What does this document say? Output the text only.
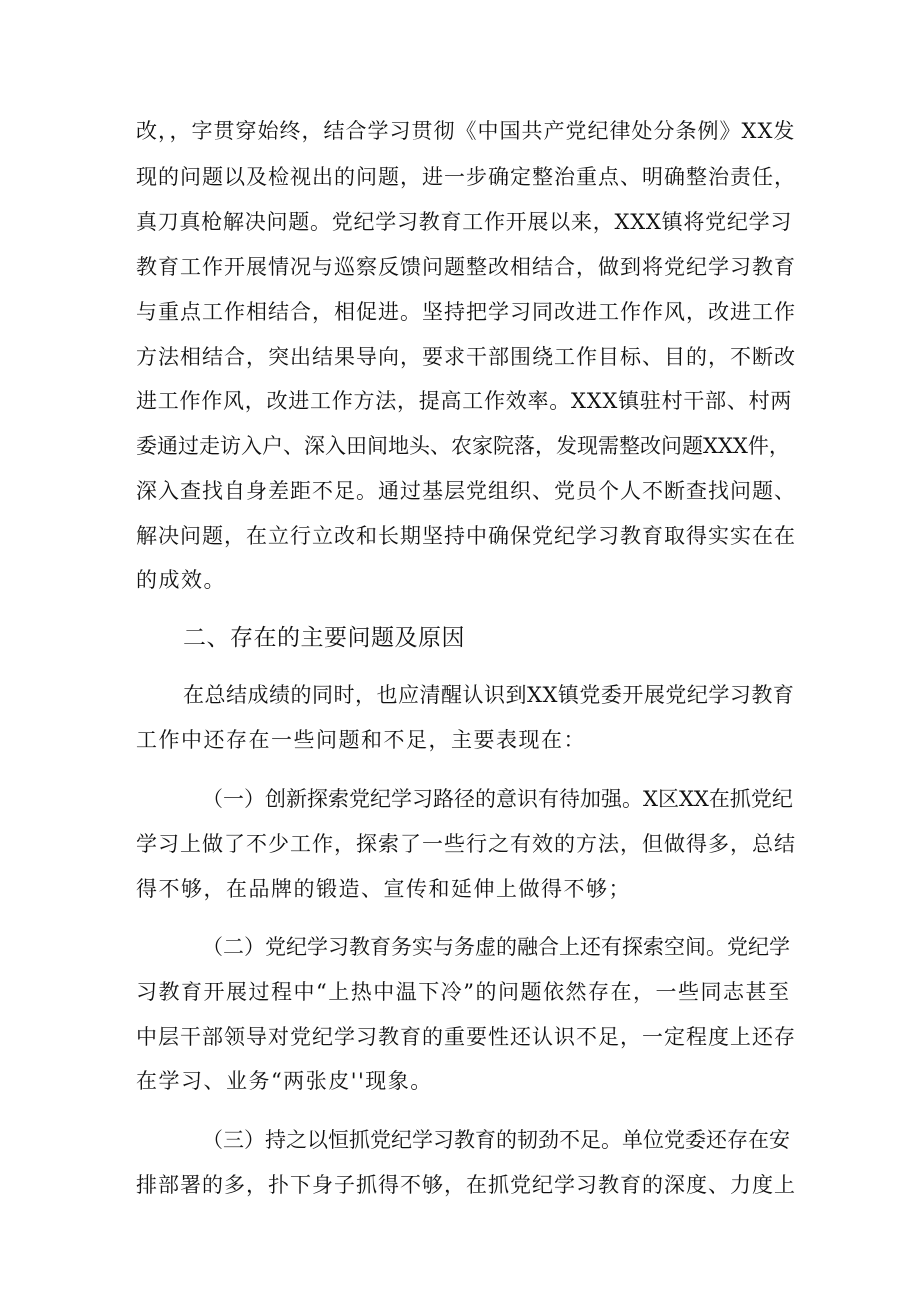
改，，字贯穿始终，结合学习贯彻《中国共产党纪律处分条例》XX发
现的问题以及检视出的问题，进一步确定整治重点、明确整治责任，
真刀真枪解决问题。党纪学习教育工作开展以来，XXX镇将党纪学习
教育工作开展情况与巡察反馈问题整改相结合，做到将党纪学习教育
与重点工作相结合，相促进。坚持把学习同改进工作作风，改进工作
方法相结合，突出结果导向，要求干部围绕工作目标、目的，不断改
进工作作风，改进工作方法，提高工作效率。XXX镇驻村干部、村两
委通过走访入户、深入田间地头、农家院落，发现需整改问题XXX件，
深入查找自身差距不足。通过基层党组织、党员个人不断查找问题、
解决问题，在立行立改和长期坚持中确保党纪学习教育取得实实在在
的成效。
二、存在的主要问题及原因
在总结成绩的同时，也应清醒认识到XX镇党委开展党纪学习教育
工作中还存在一些问题和不足，主要表现在：
（一）创新探索党纪学习路径的意识有待加强。X区XX在抓党纪
学习上做了不少工作，探索了一些行之有效的方法，但做得多，总结
得不够，在品牌的锻造、宣传和延伸上做得不够；
（二）党纪学习教育务实与务虚的融合上还有探索空间。党纪学
习教育开展过程中“上热中温下冷”的问题依然存在，一些同志甚至
中层干部领导对党纪学习教育的重要性还认识不足，一定程度上还存
在学习、业务“两张皮''现象。
（三）持之以恒抓党纪学习教育的韧劲不足。单位党委还存在安
排部署的多，扑下身子抓得不够，在抓党纪学习教育的深度、力度上
